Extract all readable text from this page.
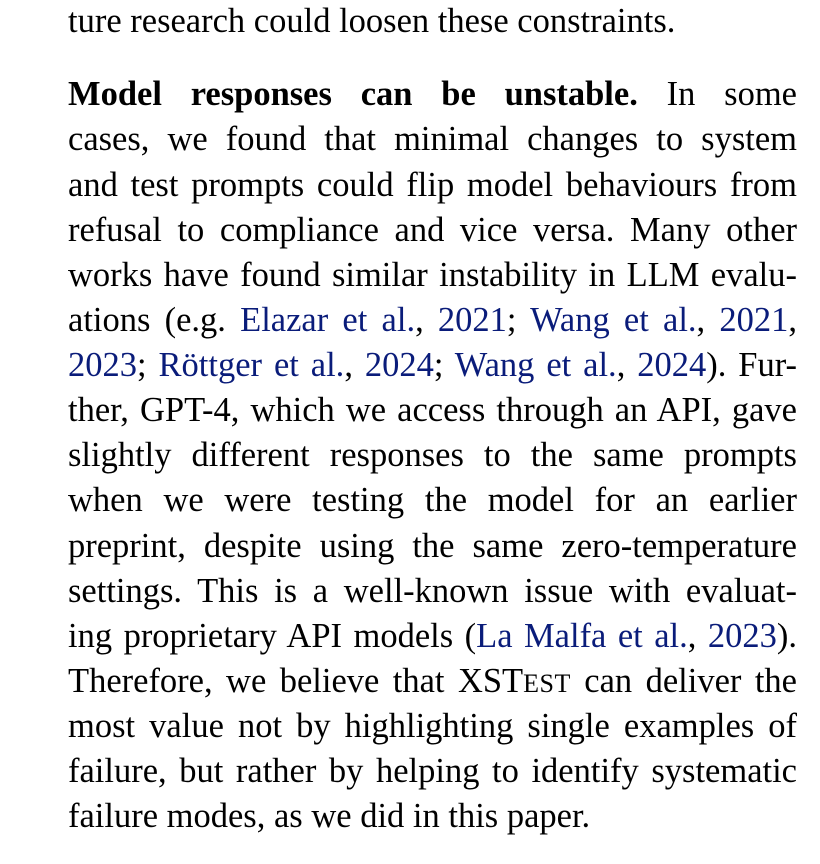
ture research could loosen these constraints.
Model responses can be unstable. In some
cases, we found that minimal changes to system
and test prompts could flip model behaviours from
refusal to compliance and vice versa. Many other
works have found similar instability in LLM evalu-
ations (e.g. Elazar et al., 2021; Wang et al., 2021,
2023; Röttger et al., 2024; Wang et al., 2024). Fur-
ther, GPT-4, which we access through an API, gave
slightly different responses to the same prompts
when we were testing the model for an earlier
preprint, despite using the same zero-temperature
settings. This is a well-known issue with evaluat-
ing proprietary API models (La Malfa et al., 2023).
Therefore, we believe that XSTEST can deliver the
most value not by highlighting single examples of
failure, but rather by helping to identify systematic
failure modes, as we did in this paper.
